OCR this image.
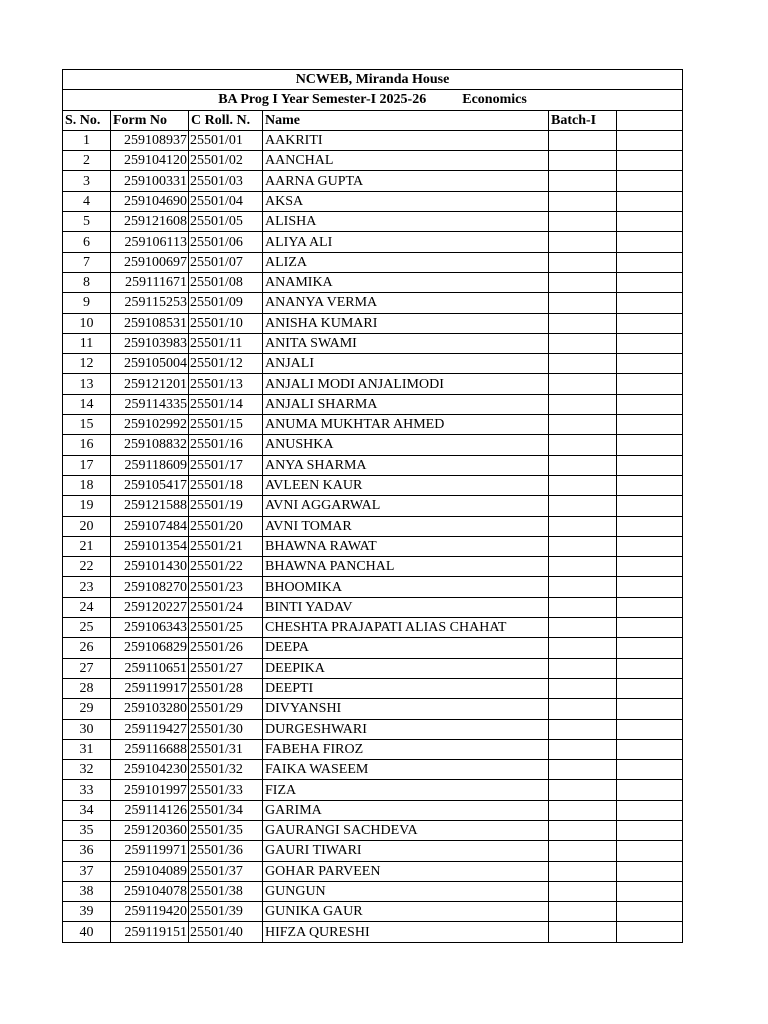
NCWEB, Miranda House					
BA Prog I Year Semester-I 2025-26 Economics					
S. No.	Form No	C Roll. N.	Name	Batch-I	
1	259108937	25501/01	AAKRITI		
2	259104120	25501/02	AANCHAL		
3	259100331	25501/03	AARNA GUPTA		
4	259104690	25501/04	AKSA		
5	259121608	25501/05	ALISHA		
6	259106113	25501/06	ALIYA ALI		
7	259100697	25501/07	ALIZA		
8	259111671	25501/08	ANAMIKA		
9	259115253	25501/09	ANANYA VERMA		
10	259108531	25501/10	ANISHA KUMARI		
11	259103983	25501/11	ANITA SWAMI		
12	259105004	25501/12	ANJALI		
13	259121201	25501/13	ANJALI MODI ANJALIMODI		
14	259114335	25501/14	ANJALI SHARMA		
15	259102992	25501/15	ANUMA MUKHTAR AHMED		
16	259108832	25501/16	ANUSHKA		
17	259118609	25501/17	ANYA SHARMA		
18	259105417	25501/18	AVLEEN KAUR		
19	259121588	25501/19	AVNI AGGARWAL		
20	259107484	25501/20	AVNI TOMAR		
21	259101354	25501/21	BHAWNA RAWAT		
22	259101430	25501/22	BHAWNA PANCHAL		
23	259108270	25501/23	BHOOMIKA		
24	259120227	25501/24	BINTI YADAV		
25	259106343	25501/25	CHESHTA PRAJAPATI ALIAS CHAHAT		
26	259106829	25501/26	DEEPA		
27	259110651	25501/27	DEEPIKA		
28	259119917	25501/28	DEEPTI		
29	259103280	25501/29	DIVYANSHI		
30	259119427	25501/30	DURGESHWARI		
31	259116688	25501/31	FABEHA FIROZ		
32	259104230	25501/32	FAIKA WASEEM		
33	259101997	25501/33	FIZA		
34	259114126	25501/34	GARIMA		
35	259120360	25501/35	GAURANGI SACHDEVA		
36	259119971	25501/36	GAURI TIWARI		
37	259104089	25501/37	GOHAR PARVEEN		
38	259104078	25501/38	GUNGUN		
39	259119420	25501/39	GUNIKA GAUR		
40	259119151	25501/40	HIFZA QURESHI		
